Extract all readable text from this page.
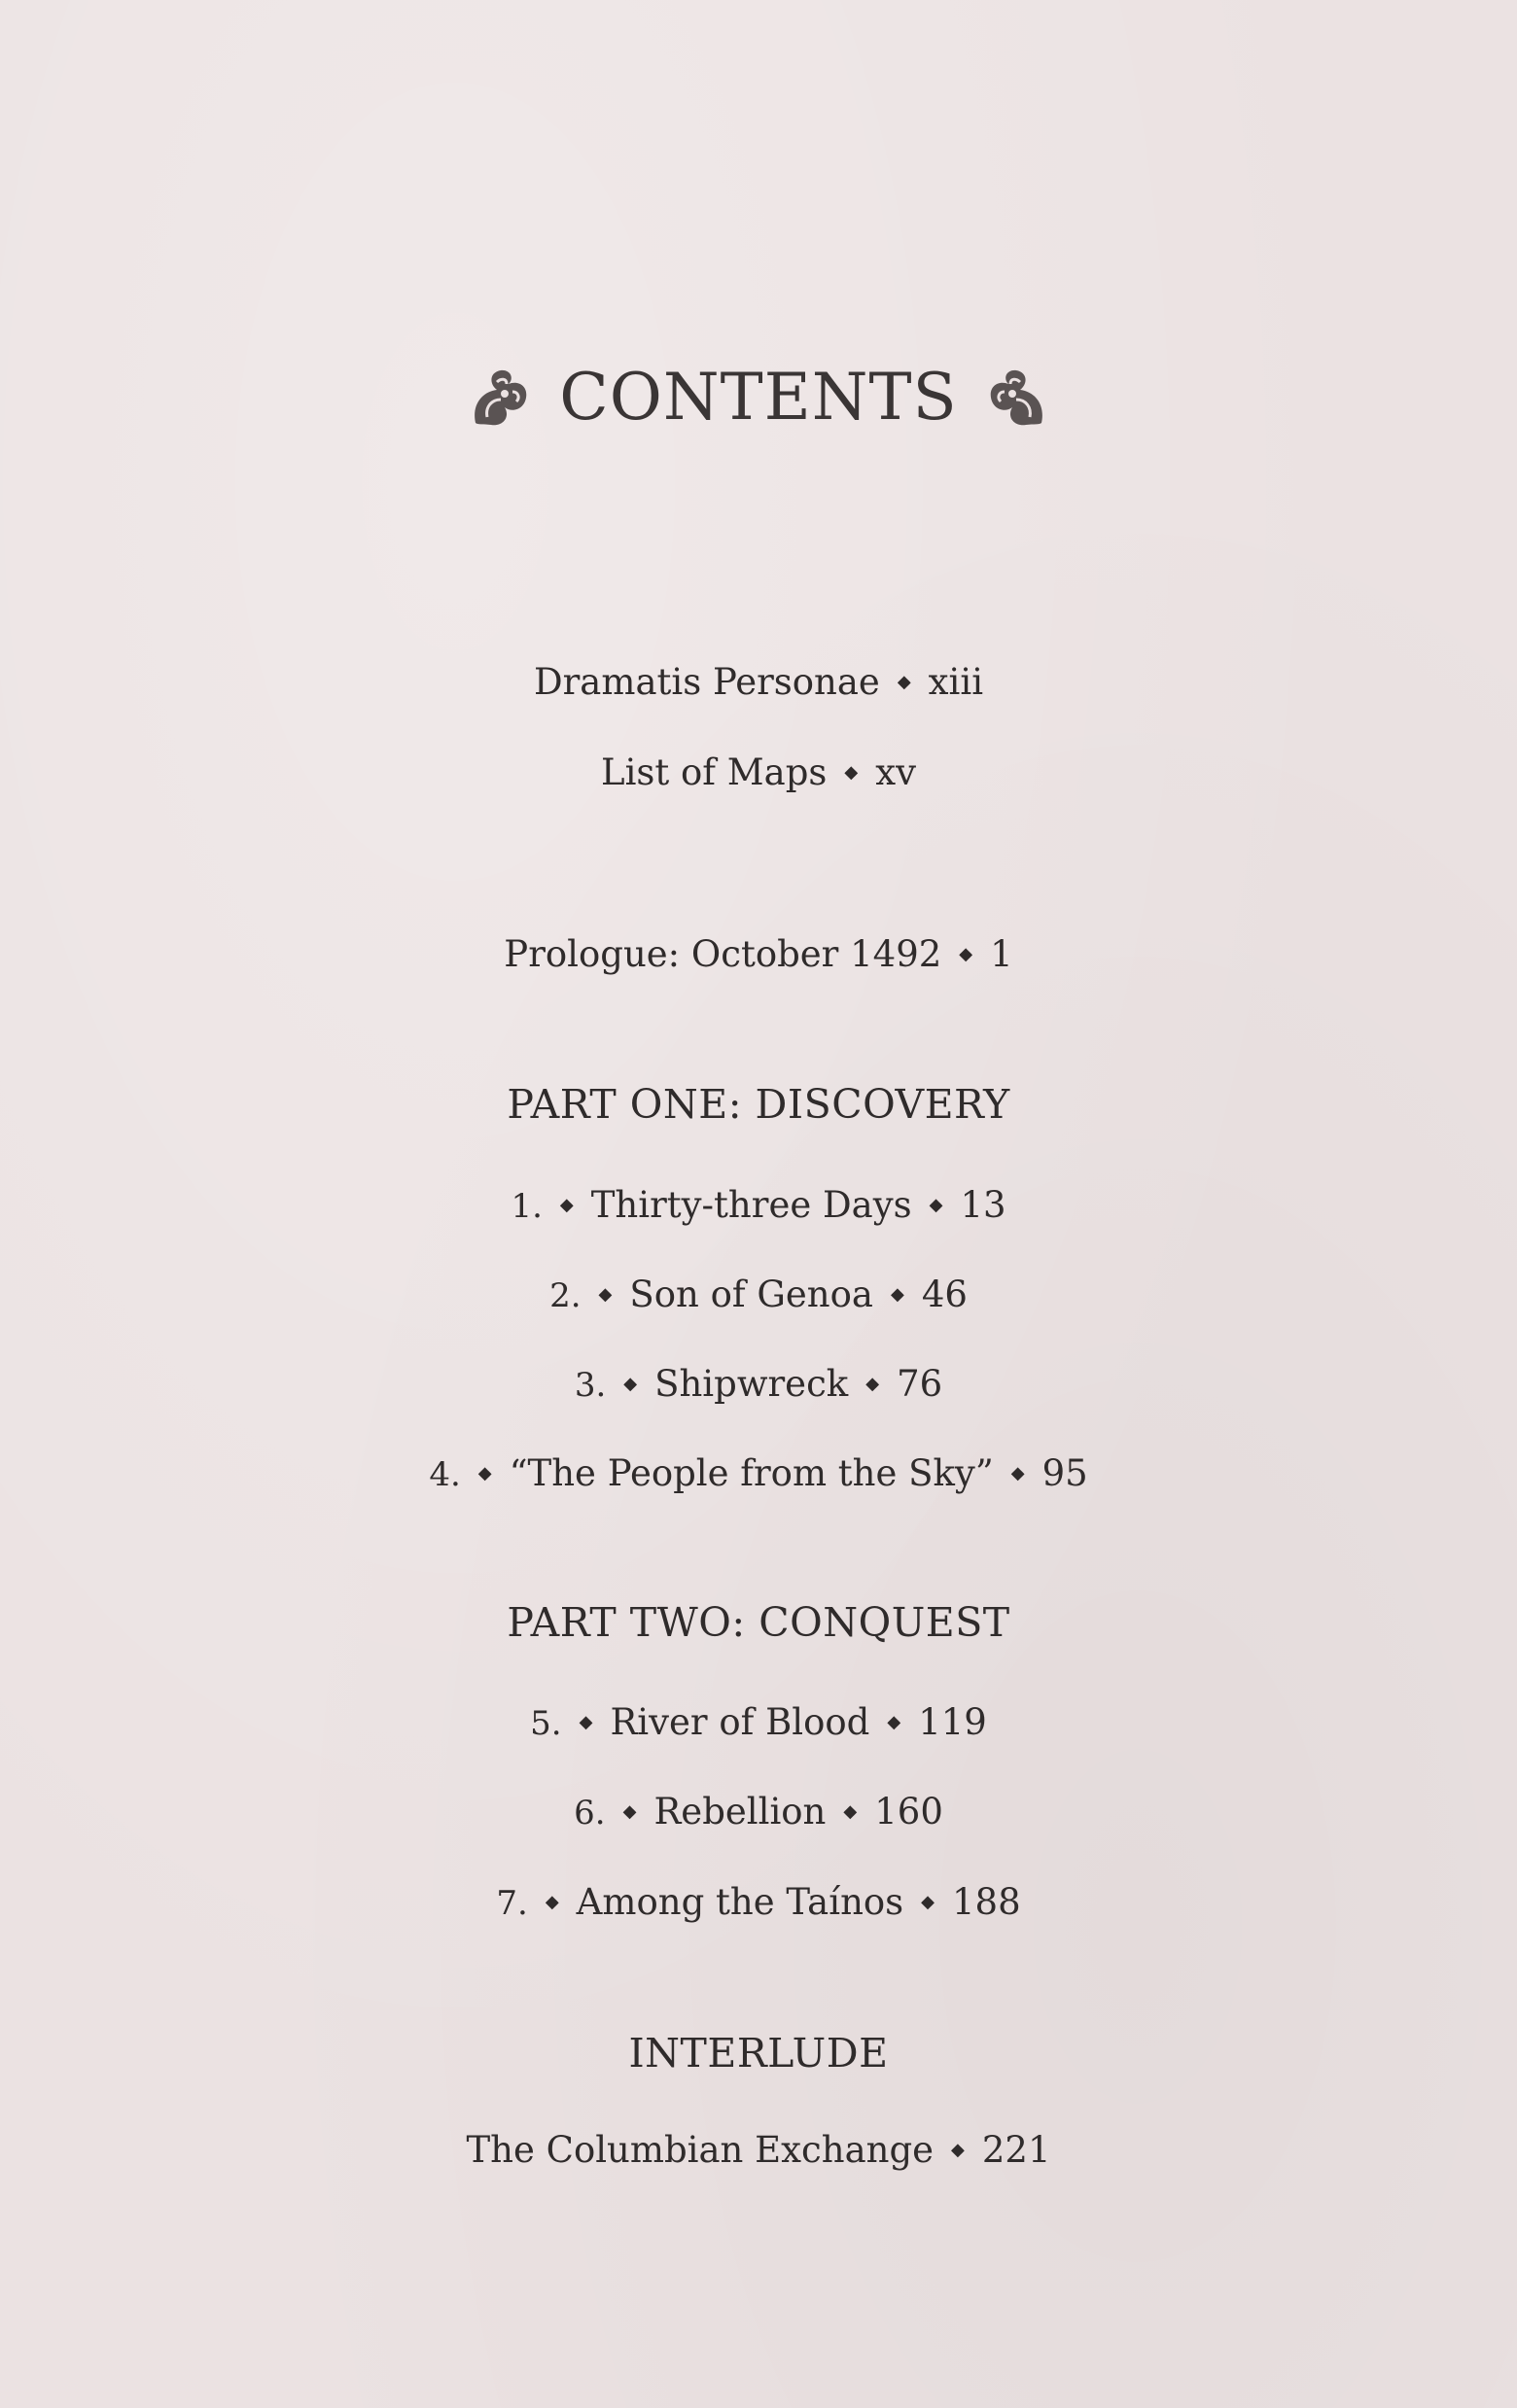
CONTENTS
Dramatis Personae ◆ xiii
List of Maps ◆ xv
Prologue: October 1492 ◆ 1
PART ONE: DISCOVERY
1. ◆ Thirty-three Days ◆ 13
2. ◆ Son of Genoa ◆ 46
3. ◆ Shipwreck ◆ 76
4. ◆ “The People from the Sky” ◆ 95
PART TWO: CONQUEST
5. ◆ River of Blood ◆ 119
6. ◆ Rebellion ◆ 160
7. ◆ Among the Taínos ◆ 188
INTERLUDE
The Columbian Exchange ◆ 221
